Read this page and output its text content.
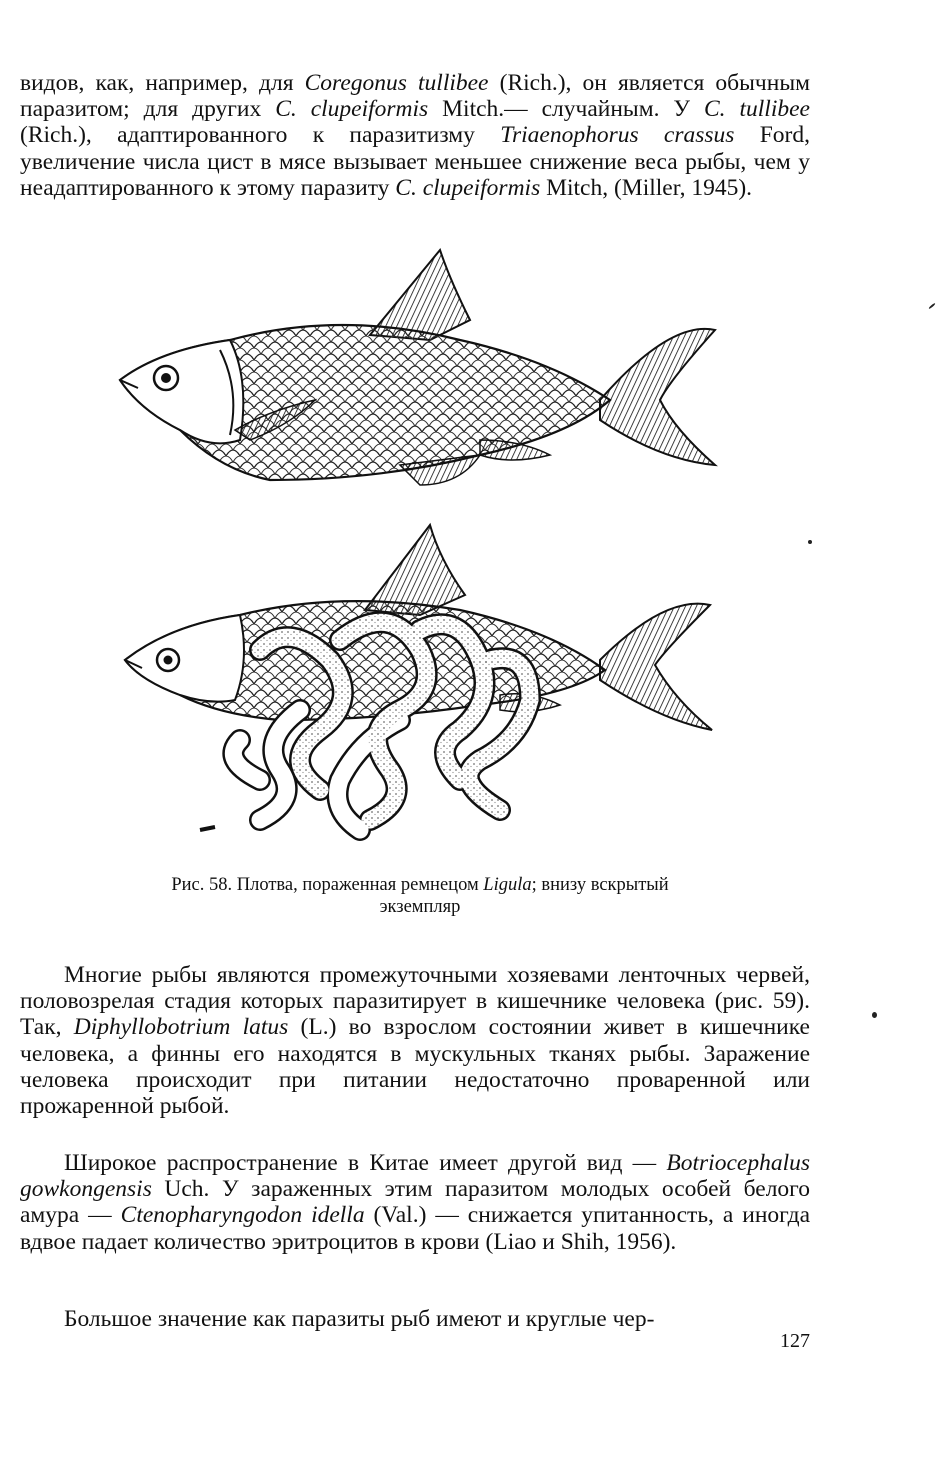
видов, как, например, для Coregonus tullibee (Rich.), он является обычным паразитом; для других C. clupeiformis Mitch.— случайным. У C. tullibee (Rich.), адаптированного к паразитизму Triaenophorus crassus Ford, увеличение числа цист в мясе вызывает меньшее снижение веса рыбы, чем у неадаптированного к этому паразиту C. clupeiformis Mitch, (Miller, 1945).

Рис. 58. Плотва, пораженная ремнецом Ligula; внизу вскрытый экземпляр

Многие рыбы являются промежуточными хозяевами ленточных червей, половозрелая стадия которых паразитирует в кишечнике человека (рис. 59). Так, Diphyllobotrium latus (L.) во взрослом состоянии живет в кишечнике человека, а финны его находятся в мускульных тканях рыбы. Заражение человека происходит при питании недостаточно проваренной или прожаренной рыбой.

Широкое распространение в Китае имеет другой вид — Botriocephalus gowkongensis Uch. У зараженных этим паразитом молодых особей белого амура — Ctenopharyngodon idella (Val.) — снижается упитанность, а иногда вдвое падает количество эритроцитов в крови (Liao и Shih, 1956).

Большое значение как паразиты рыб имеют и круглые чер-

127
